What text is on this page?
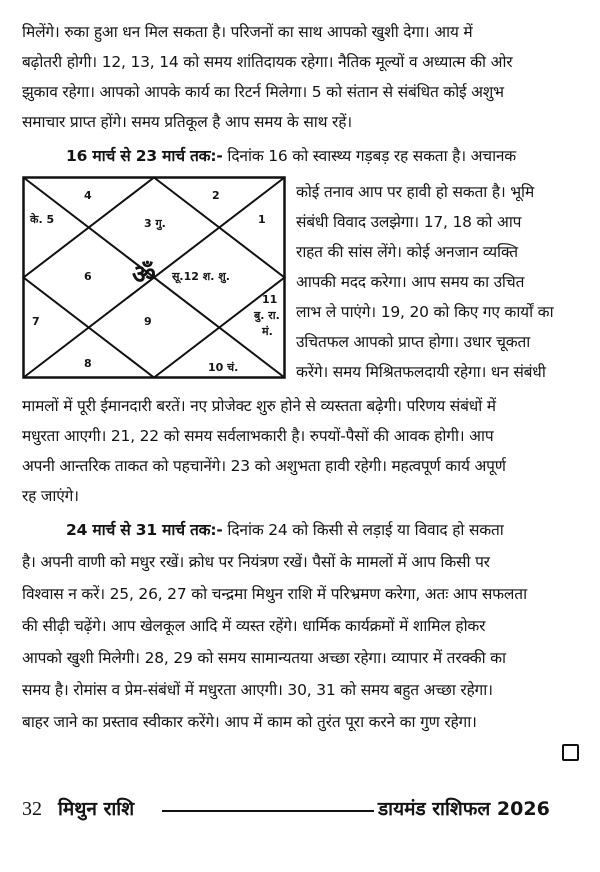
मिलेंगे। रुका हुआ धन मिल सकता है। परिजनों का साथ आपको खुशी देगा। आय में
बढ़ोतरी होगी। 12, 13, 14 को समय शांतिदायक रहेगा। नैतिक मूल्यों व अध्यात्म की ओर
झुकाव रहेगा। आपको आपके कार्य का रिटर्न मिलेगा। 5 को संतान से संबंधित कोई अशुभ
समाचार प्राप्त होंगे। समय प्रतिकूल है आप समय के साथ रहें।
16 मार्च से 23 मार्च तक:- दिनांक 16 को स्वास्थ्य गड़बड़ रह सकता है। अचानक
4	2
के. 5	3 गु.	1
6 ॐ सू.12 श. शु.
11
बु. रा.
मं.
7	9
8	10 चं.
कोई तनाव आप पर हावी हो सकता है। भूमि
संबंधी विवाद उलझेगा। 17, 18 को आप
राहत की सांस लेंगे। कोई अनजान व्यक्ति
आपकी मदद करेगा। आप समय का उचित
लाभ ले पाएंगे। 19, 20 को किए गए कार्यों का
उचितफल आपको प्राप्त होगा। उधार चूकता
करेंगे। समय मिश्रितफलदायी रहेगा। धन संबंधी
मामलों में पूरी ईमानदारी बरतें। नए प्रोजेक्ट शुरु होने से व्यस्तता बढ़ेगी। परिणय संबंधों में
मधुरता आएगी। 21, 22 को समय सर्वलाभकारी है। रुपयों-पैसों की आवक होगी। आप
अपनी आन्तरिक ताकत को पहचानेंगे। 23 को अशुभता हावी रहेगी। महत्वपूर्ण कार्य अपूर्ण
रह जाएंगे।
24 मार्च से 31 मार्च तक:- दिनांक 24 को किसी से लड़ाई या विवाद हो सकता
है। अपनी वाणी को मधुर रखें। क्रोध पर नियंत्रण रखें। पैसों के मामलों में आप किसी पर
विश्वास न करें। 25, 26, 27 को चन्द्रमा मिथुन राशि में परिभ्रमण करेगा, अतः आप सफलता
की सीढ़ी चढ़ेंगे। आप खेलकूल आदि में व्यस्त रहेंगे। धार्मिक कार्यक्रमों में शामिल होकर
आपको खुशी मिलेगी। 28, 29 को समय सामान्यतया अच्छा रहेगा। व्यापार में तरक्की का
समय है। रोमांस व प्रेम-संबंधों में मधुरता आएगी। 30, 31 को समय बहुत अच्छा रहेगा।
बाहर जाने का प्रस्ताव स्वीकार करेंगे। आप में काम को तुरंत पूरा करने का गुण रहेगा।
32 मिथुन राशि	डायमंड राशिफल 2026
